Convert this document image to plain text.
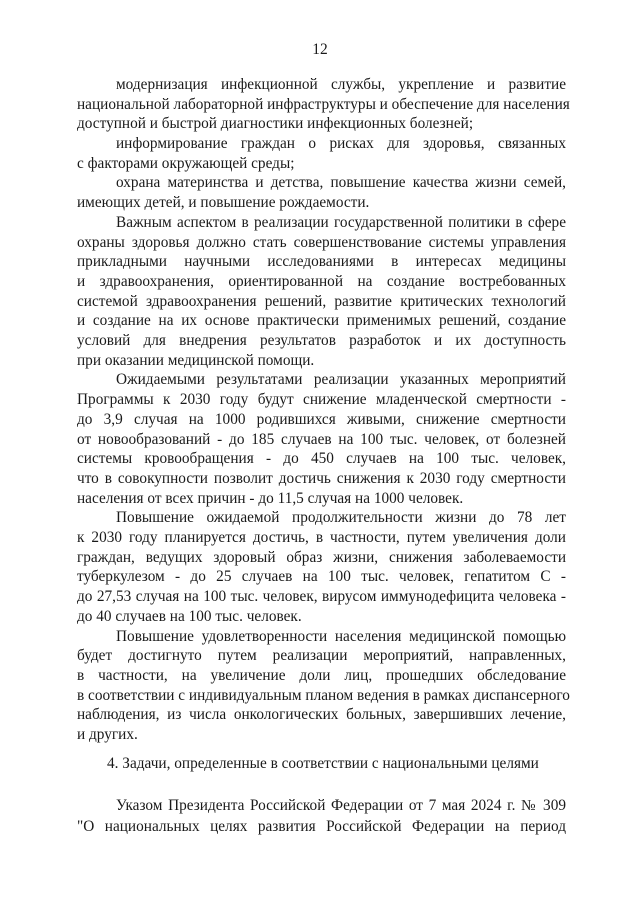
12
модернизация инфекционной службы, укрепление и развитие
национальной лабораторной инфраструктуры и обеспечение для населения
доступной и быстрой диагностики инфекционных болезней;
информирование граждан о рисках для здоровья, связанных
с факторами окружающей среды;
охрана материнства и детства, повышение качества жизни семей,
имеющих детей, и повышение рождаемости.
Важным аспектом в реализации государственной политики в сфере
охраны здоровья должно стать совершенствование системы управления
прикладными научными исследованиями в интересах медицины
и здравоохранения, ориентированной на создание востребованных
системой здравоохранения решений, развитие критических технологий
и создание на их основе практически применимых решений, создание
условий для внедрения результатов разработок и их доступность
при оказании медицинской помощи.
Ожидаемыми результатами реализации указанных мероприятий
Программы к 2030 году будут снижение младенческой смертности -
до 3,9 случая на 1000 родившихся живыми, снижение смертности
от новообразований - до 185 случаев на 100 тыс. человек, от болезней
системы кровообращения - до 450 случаев на 100 тыс. человек,
что в совокупности позволит достичь снижения к 2030 году смертности
населения от всех причин - до 11,5 случая на 1000 человек.
Повышение ожидаемой продолжительности жизни до 78 лет
к 2030 году планируется достичь, в частности, путем увеличения доли
граждан, ведущих здоровый образ жизни, снижения заболеваемости
туберкулезом - до 25 случаев на 100 тыс. человек, гепатитом С -
до 27,53 случая на 100 тыс. человек, вирусом иммунодефицита человека -
до 40 случаев на 100 тыс. человек.
Повышение удовлетворенности населения медицинской помощью
будет достигнуто путем реализации мероприятий, направленных,
в частности, на увеличение доли лиц, прошедших обследование
в соответствии с индивидуальным планом ведения в рамках диспансерного
наблюдения, из числа онкологических больных, завершивших лечение,
и других.
4. Задачи, определенные в соответствии с национальными целями
Указом Президента Российской Федерации от 7 мая 2024 г. № 309
"О национальных целях развития Российской Федерации на период
